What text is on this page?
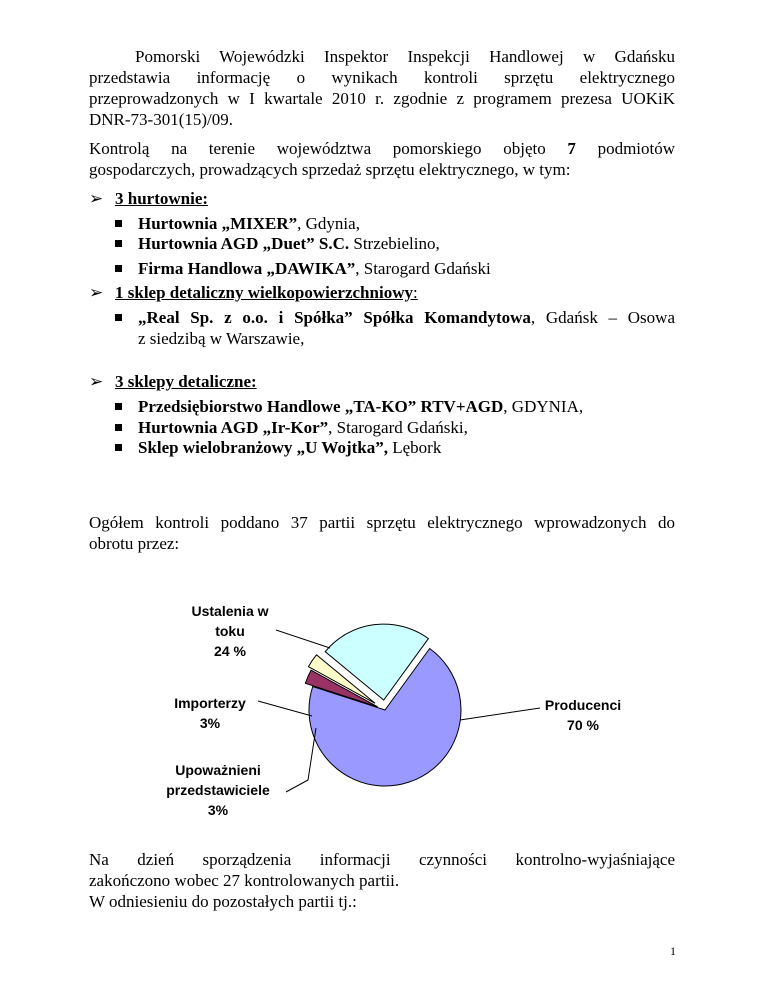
Pomorski Wojewódzki Inspektor Inspekcji Handlowej w Gdańsku

przedstawia informację o wynikach kontroli sprzętu elektrycznego

przeprowadzonych w I kwartale 2010 r. zgodnie z programem prezesa UOKiK

DNR-73-301(15)/09.

Kontrolą na terenie województwa pomorskiego objęto 7 podmiotów

gospodarczych, prowadzących sprzedaż sprzętu elektrycznego, w tym:

➢ 3 hurtownie:
Hurtownia „MIXER”, Gdynia,
Hurtownia AGD „Duet” S.C. Strzebielino,
Firma Handlowa „DAWIKA”, Starogard Gdański
➢ 1 sklep detaliczny wielkopowierzchniowy:
„Real Sp. z o.o. i Spółka” Spółka Komandytowa, Gdańsk – Osowa
z siedzibą w Warszawie,
➢ 3 sklepy detaliczne:
Przedsiębiorstwo Handlowe „TA-KO” RTV+AGD, GDYNIA,
Hurtownia AGD „Ir-Kor”, Starogard Gdański,
Sklep wielobranżowy „U Wojtka”, Lębork

Ogółem kontroli poddano 37 partii sprzętu elektrycznego wprowadzonych do

obrotu przez:

Ustalenia w
toku
24 %
Importerzy
3%
Producenci
70 %
Upoważnieni
przedstawiciele
3%

Na dzień sporządzenia informacji czynności kontrolno-wyjaśniające

zakończono wobec 27 kontrolowanych partii.

W odniesieniu do pozostałych partii tj.:

1
